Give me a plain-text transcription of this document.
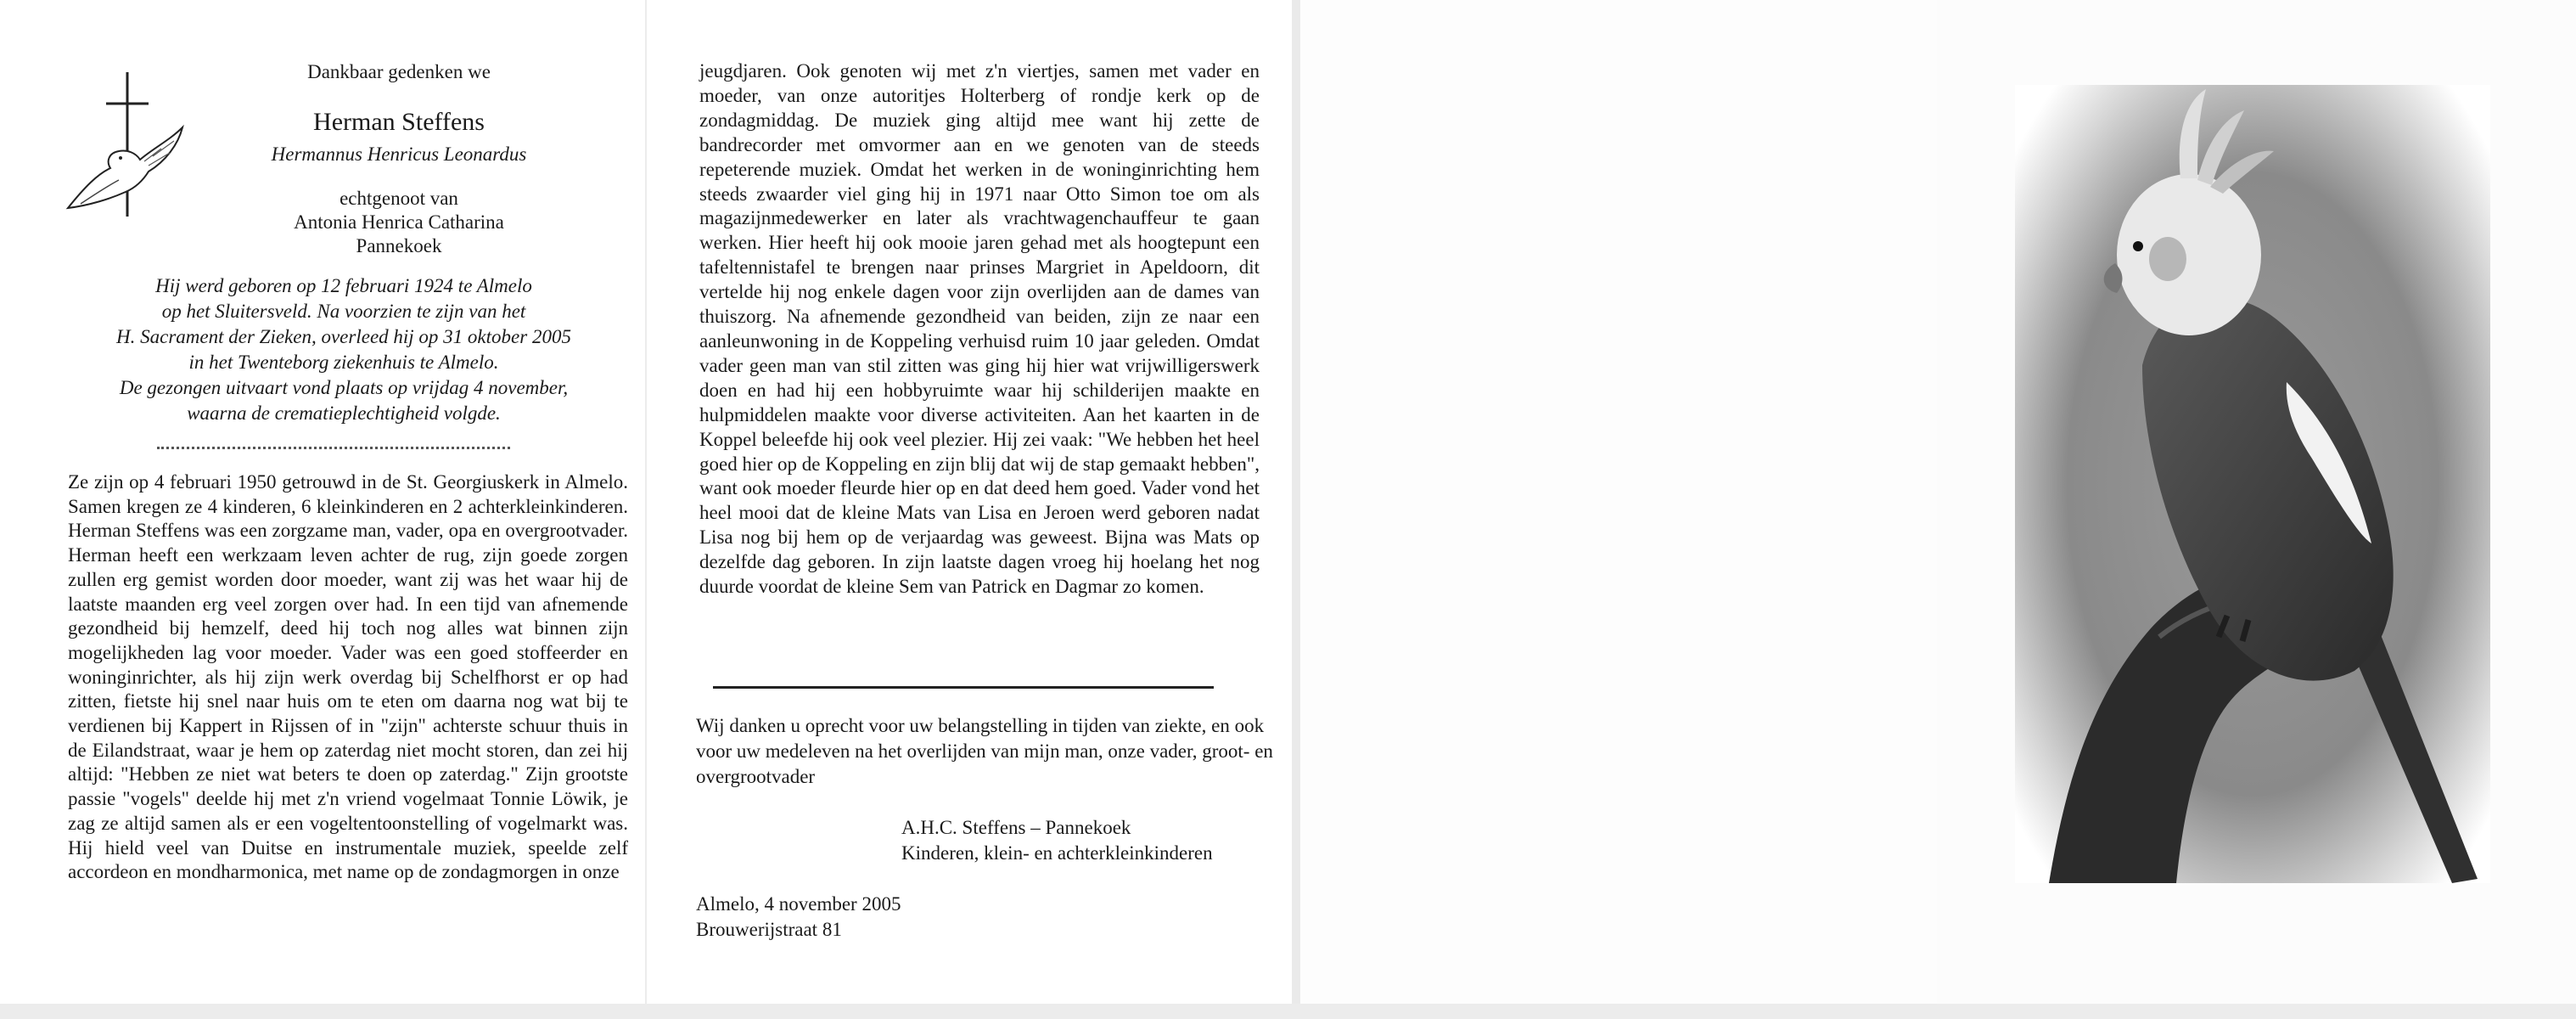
Dankbaar gedenken we
Herman Steffens
Hermannus Henricus Leonardus
echtgenoot van
Antonia Henrica Catharina
Pannekoek
Hij werd geboren op 12 februari 1924 te Almelo
op het Sluitersveld. Na voorzien te zijn van het
H. Sacrament der Zieken, overleed hij op 31 oktober 2005
in het Twenteborg ziekenhuis te Almelo.
De gezongen uitvaart vond plaats op vrijdag 4 november,
waarna de crematieplechtigheid volgde.
Ze zijn op 4 februari 1950 getrouwd in de St. Georgiuskerk in Almelo. Samen kregen ze 4 kinderen, 6 kleinkinderen en 2 achterkleinkinderen. Herman Steffens was een zorgzame man, vader, opa en overgrootvader. Herman heeft een werkzaam leven achter de rug, zijn goede zorgen zullen erg gemist worden door moeder, want zij was het waar hij de laatste maanden erg veel zorgen over had. In een tijd van afnemende gezondheid bij hemzelf, deed hij toch nog alles wat binnen zijn mogelijkheden lag voor moeder. Vader was een goed stoffeerder en woninginrichter, als hij zijn werk overdag bij Schelfhorst er op had zitten, fietste hij snel naar huis om te eten om daarna nog wat bij te verdienen bij Kappert in Rijssen of in "zijn" achterste schuur thuis in de Eilandstraat, waar je hem op zaterdag niet mocht storen, dan zei hij altijd: "Hebben ze niet wat beters te doen op zaterdag." Zijn grootste passie "vogels" deelde hij met z'n vriend vogelmaat Tonnie Löwik, je zag ze altijd samen als er een vogeltentoonstelling of vogelmarkt was. Hij hield veel van Duitse en instrumentale muziek, speelde zelf accordeon en mondharmonica, met name op de zondagmorgen in onze
jeugdjaren. Ook genoten wij met z'n viertjes, samen met vader en moeder, van onze autoritjes Holterberg of rondje kerk op de zondagmiddag. De muziek ging altijd mee want hij zette de bandrecorder met omvormer aan en we genoten van de steeds repeterende muziek. Omdat het werken in de woninginrichting hem steeds zwaarder viel ging hij in 1971 naar Otto Simon toe om als magazijnmedewerker en later als vrachtwagenchauffeur te gaan werken. Hier heeft hij ook mooie jaren gehad met als hoogtepunt een tafeltennistafel te brengen naar prinses Margriet in Apeldoorn, dit vertelde hij nog enkele dagen voor zijn overlijden aan de dames van thuiszorg. Na afnemende gezondheid van beiden, zijn ze naar een aanleunwoning in de Koppeling verhuisd ruim 10 jaar geleden. Omdat vader geen man van stil zitten was ging hij hier wat vrijwilligerswerk doen en had hij een hobbyruimte waar hij schilderijen maakte en hulpmiddelen maakte voor diverse activiteiten. Aan het kaarten in de Koppel beleefde hij ook veel plezier. Hij zei vaak: "We hebben het heel goed hier op de Koppeling en zijn blij dat wij de stap gemaakt hebben", want ook moeder fleurde hier op en dat deed hem goed. Vader vond het heel mooi dat de kleine Mats van Lisa en Jeroen werd geboren nadat Lisa nog bij hem op de verjaardag was geweest. Bijna was Mats op dezelfde dag geboren. In zijn laatste dagen vroeg hij hoelang het nog duurde voordat de kleine Sem van Patrick en Dagmar zo komen.
Wij danken u oprecht voor uw belangstelling in tijden van ziekte, en ook voor uw medeleven na het overlijden van mijn man, onze vader, groot- en overgrootvader
A.H.C. Steffens – Pannekoek
Kinderen, klein- en achterkleinkinderen
Almelo, 4 november 2005
Brouwerijstraat 81
